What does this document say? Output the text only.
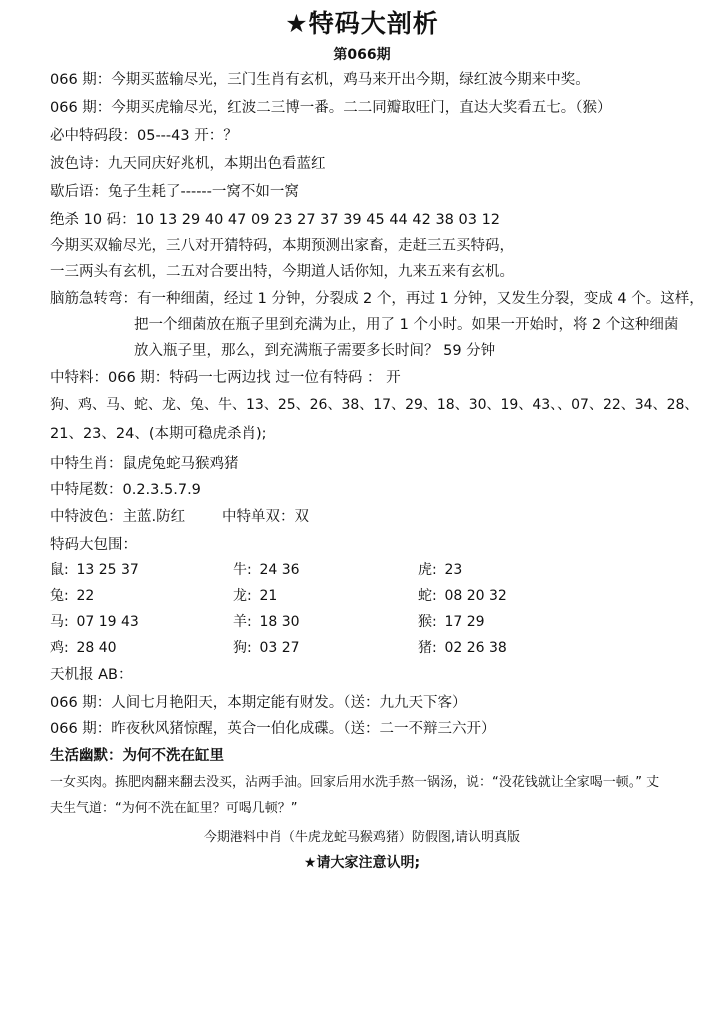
★特码大剖析
第066期
066 期：今期买蓝输尽光，三门生肖有玄机，鸡马来开出今期，绿红波今期来中奖。
066 期：今期买虎输尽光，红波二三博一番。二二同瓣取旺门，直达大奖看五七。（猴）
必中特码段：05---43 开：？
波色诗：九天同庆好兆机，本期出色看蓝红
歇后语：兔子生耗了------一窝不如一窝
绝杀 10 码：10 13 29 40 47 09 23 27 37 39 45 44 42 38 03 12
今期买双输尽光，三八对开猜特码，本期预测出家畜，走赶三五买特码，
一三两头有玄机，二五对合要出特，今期道人话你知，九来五来有玄机。
脑筋急转弯：有一种细菌，经过 1 分钟，分裂成 2 个，再过 1 分钟，又发生分裂，变成 4 个。这样，
把一个细菌放在瓶子里到充满为止，用了 1 个小时。如果一开始时，将 2 个这种细菌
放入瓶子里，那么，到充满瓶子需要多长时间？ 59 分钟
中特料：066 期：特码一七两边找 过一位有特码 ： 开
狗、鸡、马、蛇、龙、兔、牛、13、25、26、38、17、29、18、30、19、43、、07、22、34、28、
21、23、24、(本期可稳虎杀肖);
中特生肖：鼠虎兔蛇马猴鸡猪
中特尾数：0.2.3.5.7.9
中特波色：主蓝.防红	中特单双：双
特码大包围：
鼠: 13 25 37	牛: 24 36	虎: 23
兔: 22	龙: 21	蛇: 08 20 32
马: 07 19 43	羊: 18 30	猴: 17 29
鸡: 28 40	狗: 03 27	猪: 02 26 38
天机报 AB：
066 期：人间七月艳阳天，本期定能有财发。（送：九九天下客）
066 期：昨夜秋风猪惊醒，英合一伯化成碟。（送：二一不辩三六开）
生活幽默：为何不洗在缸里
一女买肉。拣肥肉翻来翻去没买，沾两手油。回家后用水洗手熬一锅汤，说：“没花钱就让全家喝一顿。” 丈
夫生气道：“为何不洗在缸里？可喝几顿？”
今期港料中肖（牛虎龙蛇马猴鸡猪）防假图,请认明真版
★请大家注意认明;
